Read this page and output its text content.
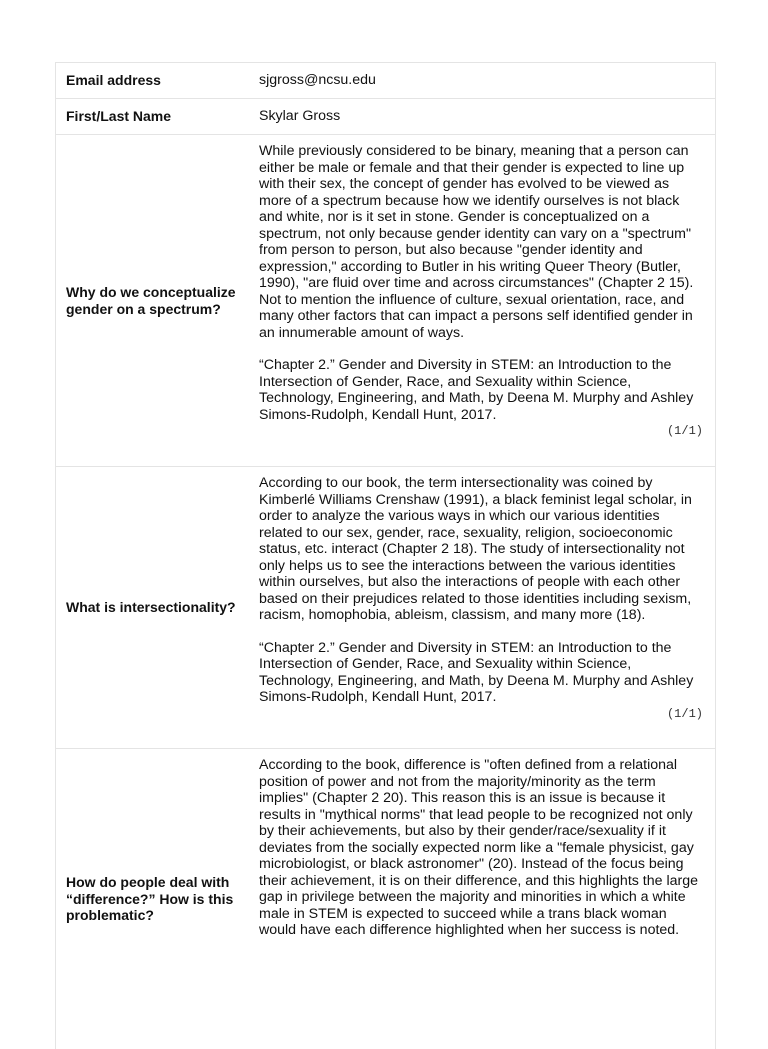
Email address	sjgross@ncsu.edu
First/Last Name	Skylar Gross
Why do we conceptualize gender on a spectrum?

While previously considered to be binary, meaning that a person can either be male or female and that their gender is expected to line up with their sex, the concept of gender has evolved to be viewed as more of a spectrum because how we identify ourselves is not black and white, nor is it set in stone. Gender is conceptualized on a spectrum, not only because gender identity can vary on a "spectrum" from person to person, but also because "gender identity and expression," according to Butler in his writing Queer Theory (Butler, 1990), "are fluid over time and across circumstances" (Chapter 2 15). Not to mention the influence of culture, sexual orientation, race, and many other factors that can impact a persons self identified gender in an innumerable amount of ways.

“Chapter 2.” Gender and Diversity in STEM: an Introduction to the Intersection of Gender, Race, and Sexuality within Science, Technology, Engineering, and Math, by Deena M. Murphy and Ashley Simons-Rudolph, Kendall Hunt, 2017.

(1/1)
What is intersectionality?

According to our book, the term intersectionality was coined by Kimberlé Williams Crenshaw (1991), a black feminist legal scholar, in order to analyze the various ways in which our various identities related to our sex, gender, race, sexuality, religion, socioeconomic status, etc. interact (Chapter 2 18). The study of intersectionality not only helps us to see the interactions between the various identities within ourselves, but also the interactions of people with each other based on their prejudices related to those identities including sexism, racism, homophobia, ableism, classism, and many more (18).

“Chapter 2.” Gender and Diversity in STEM: an Introduction to the Intersection of Gender, Race, and Sexuality within Science, Technology, Engineering, and Math, by Deena M. Murphy and Ashley Simons-Rudolph, Kendall Hunt, 2017.

(1/1)
How do people deal with “difference?” How is this problematic?

According to the book, difference is "often defined from a relational position of power and not from the majority/minority as the term implies" (Chapter 2 20). This reason this is an issue is because it results in "mythical norms" that lead people to be recognized not only by their achievements, but also by their gender/race/sexuality if it deviates from the socially expected norm like a "female physicist, gay microbiologist, or black astronomer" (20). Instead of the focus being their achievement, it is on their difference, and this highlights the large gap in privilege between the majority and minorities in which a white male in STEM is expected to succeed while a trans black woman would have each difference highlighted when her success is noted.
